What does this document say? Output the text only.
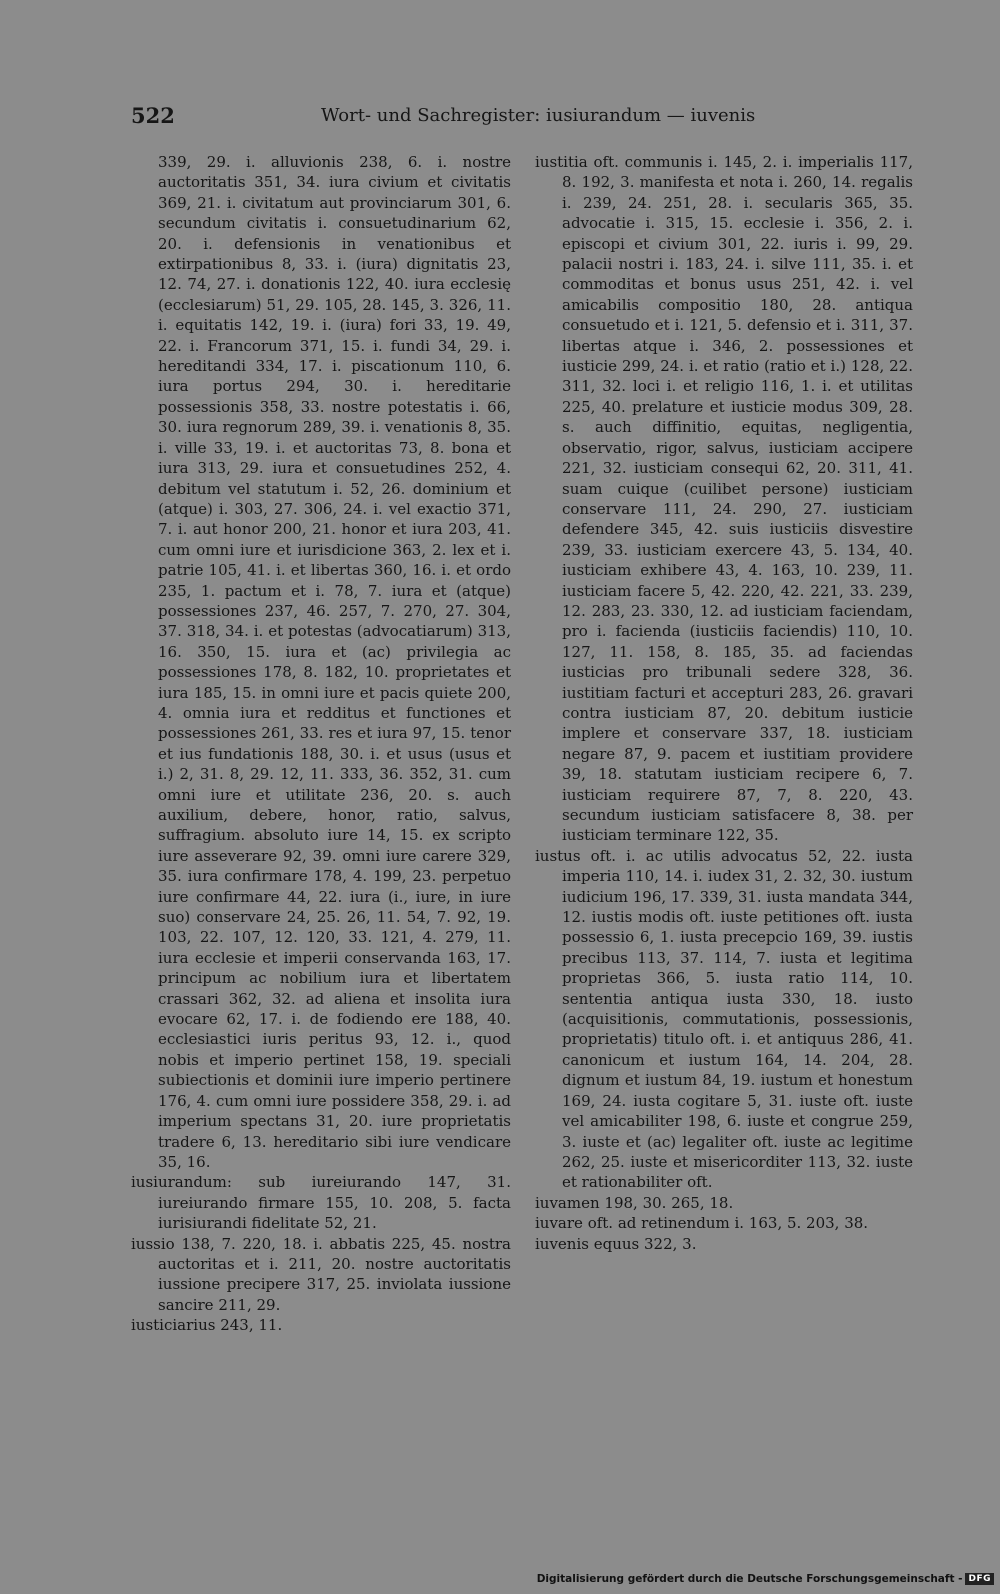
522	Wort- und Sachregister: iusiurandum — iuvenis

339, 29. i. alluvionis 238, 6. i. nostre auctoritatis 351, 34. iura civium et civitatis 369, 21. i. civitatum aut provinciarum 301, 6. secundum civitatis i. consuetudinarium 62, 20. i. defensionis in venationibus et extirpationibus 8, 33. i. (iura) dignitatis 23, 12. 74, 27. i. donationis 122, 40. iura ecclesię (ecclesiarum) 51, 29. 105, 28. 145, 3. 326, 11. i. equitatis 142, 19. i. (iura) fori 33, 19. 49, 22. i. Francorum 371, 15. i. fundi 34, 29. i. hereditandi 334, 17. i. piscationum 110, 6. iura portus 294, 30. i. hereditarie possessionis 358, 33. nostre potestatis i. 66, 30. iura regnorum 289, 39. i. venationis 8, 35. i. ville 33, 19. i. et auctoritas 73, 8. bona et iura 313, 29. iura et consuetudines 252, 4. debitum vel statutum i. 52, 26. dominium et (atque) i. 303, 27. 306, 24. i. vel exactio 371, 7. i. aut honor 200, 21. honor et iura 203, 41. cum omni iure et iurisdicione 363, 2. lex et i. patrie 105, 41. i. et libertas 360, 16. i. et ordo 235, 1. pactum et i. 78, 7. iura et (atque) possessiones 237, 46. 257, 7. 270, 27. 304, 37. 318, 34. i. et potestas (advocatiarum) 313, 16. 350, 15. iura et (ac) privilegia ac possessiones 178, 8. 182, 10. proprietates et iura 185, 15. in omni iure et pacis quiete 200, 4. omnia iura et redditus et functiones et possessiones 261, 33. res et iura 97, 15. tenor et ius fundationis 188, 30. i. et usus (usus et i.) 2, 31. 8, 29. 12, 11. 333, 36. 352, 31. cum omni iure et utilitate 236, 20. s. auch auxilium, debere, honor, ratio, salvus, suffragium. absoluto iure 14, 15. ex scripto iure asseverare 92, 39. omni iure carere 329, 35. iura confirmare 178, 4. 199, 23. perpetuo iure confirmare 44, 22. iura (i., iure, in iure suo) conservare 24, 25. 26, 11. 54, 7. 92, 19. 103, 22. 107, 12. 120, 33. 121, 4. 279, 11. iura ecclesie et imperii conservanda 163, 17. principum ac nobilium iura et libertatem crassari 362, 32. ad aliena et insolita iura evocare 62, 17. i. de fodiendo ere 188, 40. ecclesiastici iuris peritus 93, 12. i., quod nobis et imperio pertinet 158, 19. speciali subiectionis et dominii iure imperio pertinere 176, 4. cum omni iure possidere 358, 29. i. ad imperium spectans 31, 20. iure proprietatis tradere 6, 13. hereditario sibi iure vendicare 35, 16.

iusiurandum: sub iureiurando 147, 31. iureiurando firmare 155, 10. 208, 5. facta iurisiurandi fidelitate 52, 21.

iussio 138, 7. 220, 18. i. abbatis 225, 45. nostra auctoritas et i. 211, 20. nostre auctoritatis iussione precipere 317, 25. inviolata iussione sancire 211, 29.

iusticiarius 243, 11.

iustitia oft. communis i. 145, 2. i. imperialis 117, 8. 192, 3. manifesta et nota i. 260, 14. regalis i. 239, 24. 251, 28. i. secularis 365, 35. advocatie i. 315, 15. ecclesie i. 356, 2. i. episcopi et civium 301, 22. iuris i. 99, 29. palacii nostri i. 183, 24. i. silve 111, 35. i. et commoditas et bonus usus 251, 42. i. vel amicabilis compositio 180, 28. antiqua consuetudo et i. 121, 5. defensio et i. 311, 37. libertas atque i. 346, 2. possessiones et iusticie 299, 24. i. et ratio (ratio et i.) 128, 22. 311, 32. loci i. et religio 116, 1. i. et utilitas 225, 40. prelature et iusticie modus 309, 28. s. auch diffinitio, equitas, negligentia, observatio, rigor, salvus, iusticiam accipere 221, 32. iusticiam consequi 62, 20. 311, 41. suam cuique (cuilibet persone) iusticiam conservare 111, 24. 290, 27. iusticiam defendere 345, 42. suis iusticiis disvestire 239, 33. iusticiam exercere 43, 5. 134, 40. iusticiam exhibere 43, 4. 163, 10. 239, 11. iusticiam facere 5, 42. 220, 42. 221, 33. 239, 12. 283, 23. 330, 12. ad iusticiam faciendam, pro i. facienda (iusticiis faciendis) 110, 10. 127, 11. 158, 8. 185, 35. ad faciendas iusticias pro tribunali sedere 328, 36. iustitiam facturi et accepturi 283, 26. gravari contra iusticiam 87, 20. debitum iusticie implere et conservare 337, 18. iusticiam negare 87, 9. pacem et iustitiam providere 39, 18. statutam iusticiam recipere 6, 7. iusticiam requirere 87, 7, 8. 220, 43. secundum iusticiam satisfacere 8, 38. per iusticiam terminare 122, 35.

iustus oft. i. ac utilis advocatus 52, 22. iusta imperia 110, 14. i. iudex 31, 2. 32, 30. iustum iudicium 196, 17. 339, 31. iusta mandata 344, 12. iustis modis oft. iuste petitiones oft. iusta possessio 6, 1. iusta precepcio 169, 39. iustis precibus 113, 37. 114, 7. iusta et legitima proprietas 366, 5. iusta ratio 114, 10. sententia antiqua iusta 330, 18. iusto (acquisitionis, commutationis, possessionis, proprietatis) titulo oft. i. et antiquus 286, 41. canonicum et iustum 164, 14. 204, 28. dignum et iustum 84, 19. iustum et honestum 169, 24. iusta cogitare 5, 31. iuste oft. iuste vel amicabiliter 198, 6. iuste et congrue 259, 3. iuste et (ac) legaliter oft. iuste ac legitime 262, 25. iuste et misericorditer 113, 32. iuste et rationabiliter oft.

iuvamen 198, 30. 265, 18.

iuvare oft. ad retinendum i. 163, 5. 203, 38.

iuvenis equus 322, 3.

Digitalisierung gefördert durch die Deutsche Forschungsgemeinschaft - DFG
